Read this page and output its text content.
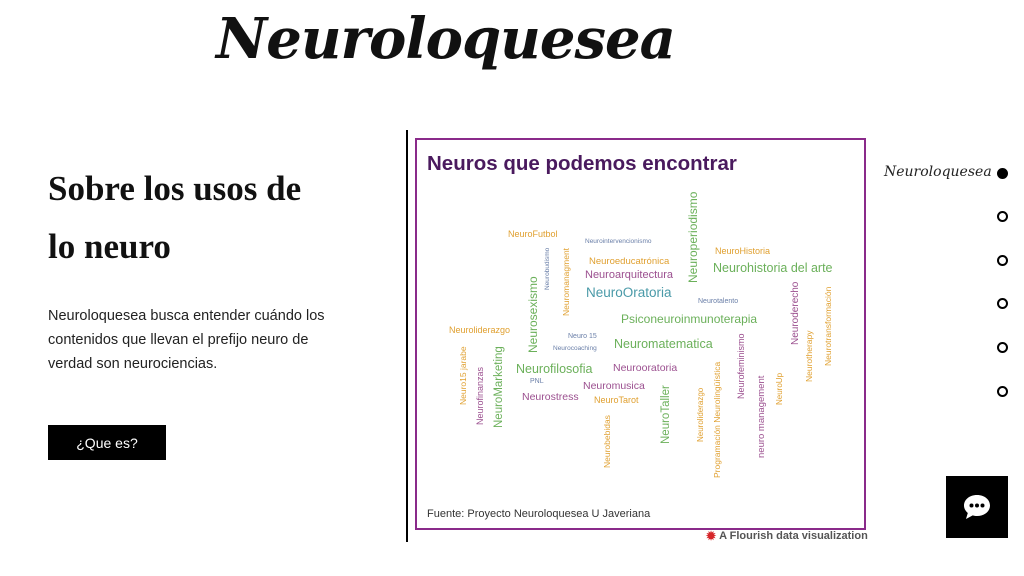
Neuroloquesea
Sobre los usos de
lo neuro

Neuroloquesea busca entender cuándo los contenidos que llevan el prefijo neuro de verdad son neurociencias.

¿Que es?
Neuros que podemos encontrar
NeuroFutbol
Neurointervencionismo	Neuroperiodismo NeuroHistoria
Neurobudismo Neuromanagment Neuroeducatrónica
Neuroarquitectura	Neurohistoria del arte
NeuroOratoria
Neurotalento
Neurosexismo	Neurotransformación
Neuroderecho
Neuroliderazgo
Psiconeuroinmunoterapia
Neurotherapy
Neuro 15
Neurocoaching Neuromatematica
Neuro15 jarabe NeuroMarketing Neurofilosofia Neurooratoria	Neurofeminismo
Neurofinanzas	PNL	Neuromusica
Neuroliderazgo Programación Neurolingüística	NeuroUp
neuro management
Neurostress NeuroTarot NeuroTaller
Neurobebidas
Fuente: Proyecto Neuroloquesea U Javeriana
✹ A Flourish data visualization
Neuroloquesea
